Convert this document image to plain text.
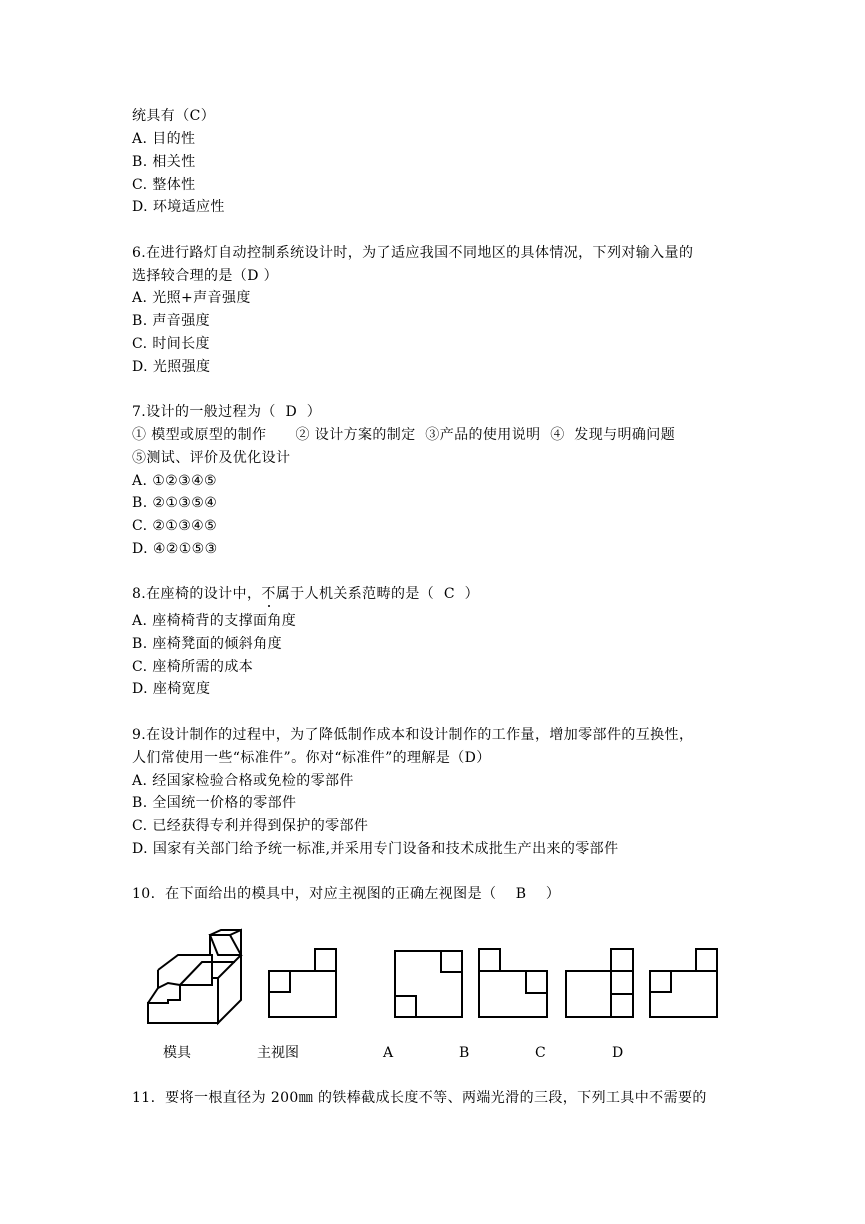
统具有（C）

A. 目的性

B. 相关性

C. 整体性

D. 环境适应性

6.在进行路灯自动控制系统设计时，为了适应我国不同地区的具体情况，下列对输入量的

选择较合理的是（D ）

A. 光照+声音强度

B. 声音强度

C. 时间长度

D. 光照强度

7.设计的一般过程为（  D  ）

① 模型或原型的制作      ② 设计方案的制定  ③产品的使用说明  ④  发现与明确问题

⑤测试、评价及优化设计

A. ①②③④⑤

B. ②①③⑤④

C. ②①③④⑤

D. ④②①⑤③

8.在座椅的设计中，不属于人机关系范畴的是（  C  ）

A. 座椅椅背的支撑面角度

B. 座椅凳面的倾斜角度

C. 座椅所需的成本

D. 座椅宽度

9.在设计制作的过程中，为了降低制作成本和设计制作的工作量，增加零部件的互换性，

人们常使用一些“标准件”。你对“标准件”的理解是（D）

A. 经国家检验合格或免检的零部件

B. 全国统一价格的零部件

C. 已经获得专利并得到保护的零部件

D. 国家有关部门给予统一标准,并采用专门设备和技术成批生产出来的零部件

10.  在下面给出的模具中，对应主视图的正确左视图是（    B    ）

模具	主视图	A	B	C	D

11.  要将一根直径为 200㎜ 的铁棒截成长度不等、两端光滑的三段，下列工具中不需要的
